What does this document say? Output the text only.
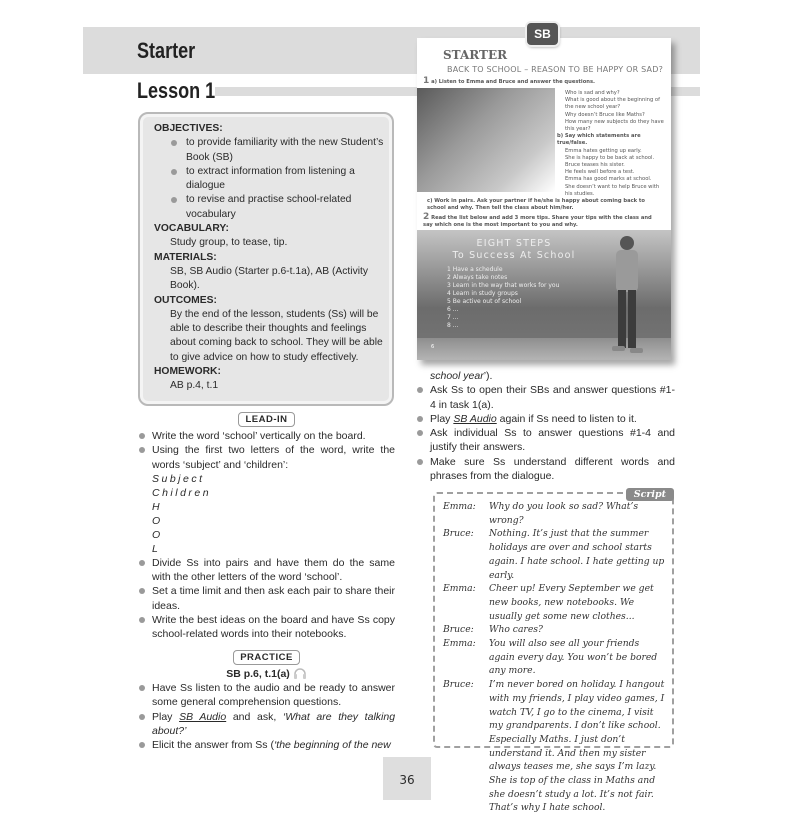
Starter
Lesson 1
OBJECTIVES:
to provide familiarity with the new Student’s Book (SB)
to extract information from listening a dialogue
to revise and practise school-related vocabulary
VOCABULARY:
Study group, to tease, tip.
MATERIALS:
SB, SB Audio (Starter p.6-t.1a), AB (Activity Book).
OUTCOMES:
By the end of the lesson, students (Ss) will be able to describe their thoughts and feelings about coming back to school. They will be able to give advice on how to study effectively.
HOMEWORK:
AB p.4, t.1
LEAD-IN
Write the word ‘school’ vertically on the board.
Using the first two letters of the word, write the words ‘subject’ and ‘children’:
Subject
Children
H
O
O
L
Divide Ss into pairs and have them do the same with the other letters of the word ‘school’.
Set a time limit and then ask each pair to share their ideas.
Write the best ideas on the board and have Ss copy school-related words into their notebooks.
PRACTICE
SB p.6, t.1(a)
Have Ss listen to the audio and be ready to answer some general comprehension questions.
Play SB Audio and ask, ‘What are they talking about?’
Elicit the answer from Ss (‘the beginning of the new
STARTER
BACK TO SCHOOL – REASON TO BE HAPPY OR SAD?
1 a) Listen to Emma and Bruce and answer the questions.
Who is sad and why?
What is good about the beginning of the new school year?
Why doesn’t Bruce like Maths?
How many new subjects do they have this year?
b) Say which statements are true/false.
Emma hates getting up early.
She is happy to be back at school.
Bruce teases his sister.
He feels well before a test.
Emma has good marks at school.
She doesn’t want to help Bruce with his studies.
c) Work in pairs. Ask your partner if he/she is happy about coming back to school and why. Then tell the class about him/her.
2 Read the list below and add 3 more tips. Share your tips with the class and say which one is the most important to you and why.
EIGHT STEPS
To Success At School
1 Have a schedule
2 Always take notes
3 Learn in the way that works for you
4 Learn in study groups
5 Be active out of school
6 ...
7 ...
8 ...
6
SB
school year’).
Ask Ss to open their SBs and answer questions #1-4 in task 1(a).
Play SB Audio again if Ss need to listen to it.
Ask individual Ss to answer questions #1-4 and justify their answers.
Make sure Ss understand different words and phrases from the dialogue.
Script
Emma:	Why do you look so sad? What’s wrong?
Bruce:	Nothing. It’s just that the summer holidays are over and school starts again. I hate school. I hate getting up early.
Emma:	Cheer up! Every September we get new books, new notebooks. We usually get some new clothes...
Bruce:	Who cares?
Emma:	You will also see all your friends again every day. You won’t be bored any more.
Bruce:	I’m never bored on holiday. I hangout with my friends, I play video games, I watch TV, I go to the cinema, I visit my grandparents. I don’t like school. Especially Maths. I just don’t understand it. And then my sister always teases me, she says I’m lazy. She is top of the class in Maths and she doesn’t study a lot. It’s not fair. That’s why I hate school.
36
